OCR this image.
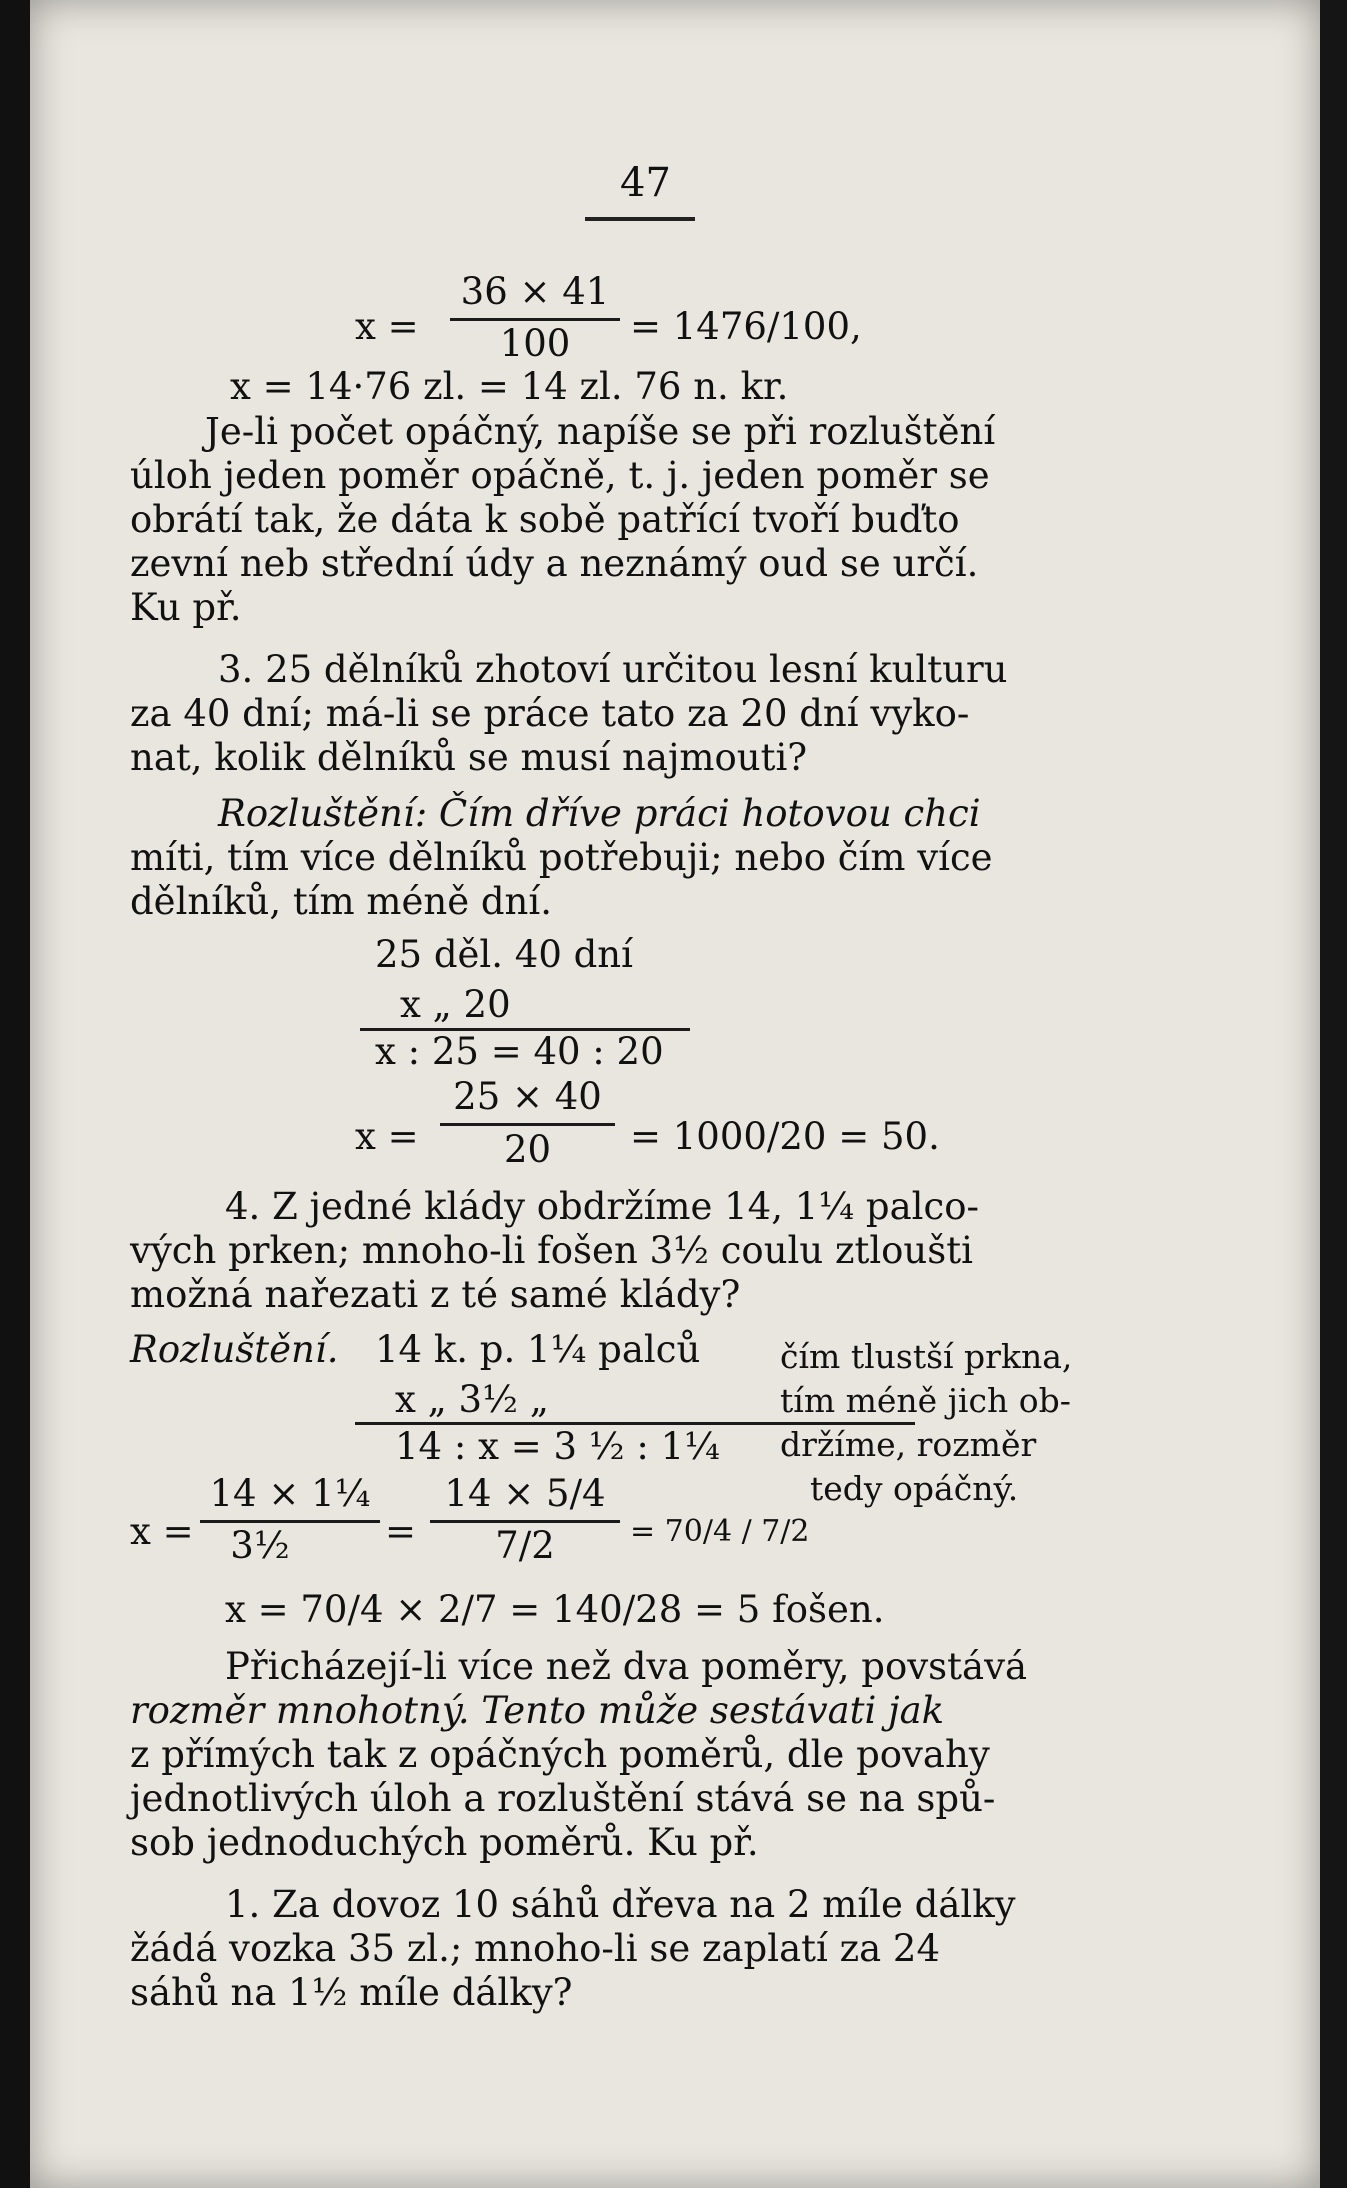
47
x =
36 × 41
100	= 1476/100,
x = 14·76 zl. = 14 zl. 76 n. kr.
Je-li počet opáčný, napíše se při rozluštění
úloh jeden poměr opáčně, t. j. jeden poměr se
obrátí tak, že dáta k sobě patřící tvoří buďto
zevní neb střední údy a neznámý oud se určí.
Ku př.
3. 25 dělníků zhotoví určitou lesní kulturu
za 40 dní; má-li se práce tato za 20 dní vyko-
nat, kolik dělníků se musí najmouti?
Rozluštění: Čím dříve práci hotovou chci
míti, tím více dělníků potřebuji; nebo čím více
dělníků, tím méně dní.
25 děl. 40 dní
x „ 20
x : 25 = 40 : 20
x =
25 × 40
20	= 1000/20 = 50.
4. Z jedné klády obdržíme 14, 1¼ palco-
vých prken; mnoho-li fošen 3½ coulu ztloušti
možná nařezati z té samé klády?
Rozluštění. 14 k. p. 1¼ palců
x „ 3½ „
14 : x = 3 ½ : 1¼
čím tlustší prkna,
tím méně jich ob-
držíme, rozměr
tedy opáčný.
x =
14 × 1¼
3½	=
14 × 5/4
7/2	= 70/4 / 7/2
x = 70/4 × 2/7 = 140/28 = 5 fošen.
Přicházejí-li více než dva poměry, povstává
rozměr mnohotný. Tento může sestávati jak
z přímých tak z opáčných poměrů, dle povahy
jednotlivých úloh a rozluštění stává se na spů-
sob jednoduchých poměrů. Ku př.
1. Za dovoz 10 sáhů dřeva na 2 míle dálky
žádá vozka 35 zl.; mnoho-li se zaplatí za 24
sáhů na 1½ míle dálky?
